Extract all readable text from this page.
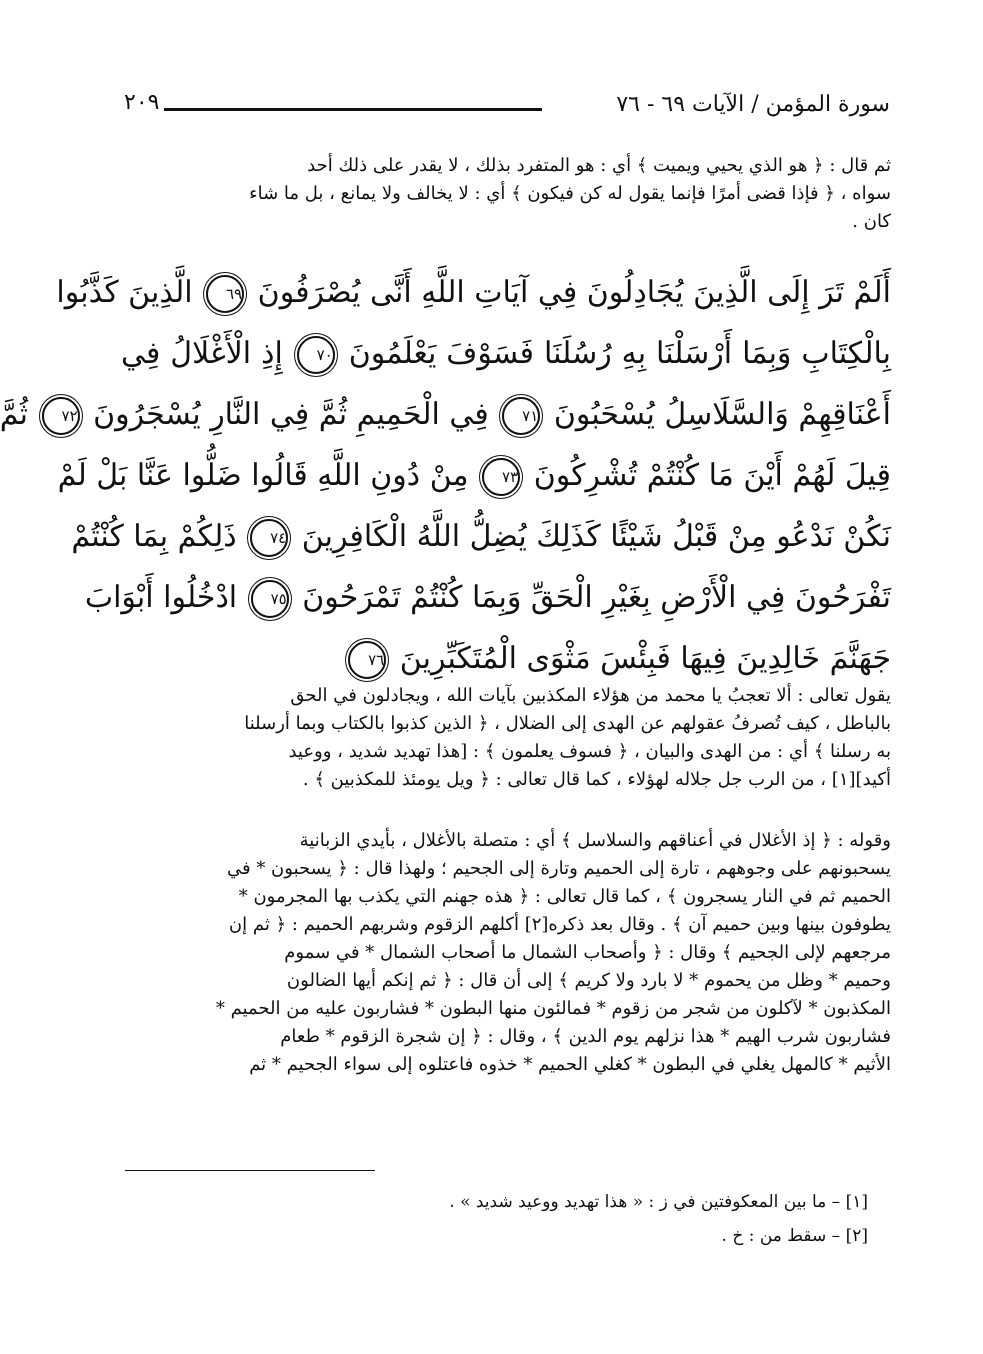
سورة المؤمن / الآيات ٦٩ - ٧٦
٢٠٩
ثم قال : ﴿ هو الذي يحيي ويميت ﴾ أي : هو المتفرد بذلك ، لا يقدر على ذلك أحد
سواه ، ﴿ فإذا قضى أمرًا فإنما يقول له كن فيكون ﴾ أي : لا يخالف ولا يمانع ، بل ما شاء
كان .
أَلَمْ تَرَ إِلَى الَّذِينَ يُجَادِلُونَ فِي آيَاتِ اللَّهِ أَنَّى يُصْرَفُونَ ٦٩ الَّذِينَ كَذَّبُوا
بِالْكِتَابِ وَبِمَا أَرْسَلْنَا بِهِ رُسُلَنَا فَسَوْفَ يَعْلَمُونَ ٧٠ إِذِ الْأَغْلَالُ فِي
أَعْنَاقِهِمْ وَالسَّلَاسِلُ يُسْحَبُونَ ٧١ فِي الْحَمِيمِ ثُمَّ فِي النَّارِ يُسْجَرُونَ ٧٢ ثُمَّ
قِيلَ لَهُمْ أَيْنَ مَا كُنْتُمْ تُشْرِكُونَ ٧٣ مِنْ دُونِ اللَّهِ قَالُوا ضَلُّوا عَنَّا بَلْ لَمْ
نَكُنْ نَدْعُو مِنْ قَبْلُ شَيْئًا كَذَلِكَ يُضِلُّ اللَّهُ الْكَافِرِينَ ٧٤ ذَلِكُمْ بِمَا كُنْتُمْ
تَفْرَحُونَ فِي الْأَرْضِ بِغَيْرِ الْحَقِّ وَبِمَا كُنْتُمْ تَمْرَحُونَ ٧٥ ادْخُلُوا أَبْوَابَ
جَهَنَّمَ خَالِدِينَ فِيهَا فَبِئْسَ مَثْوَى الْمُتَكَبِّرِينَ ٧٦
يقول تعالى : ألا تعجبُ يا محمد من هؤلاء المكذبين بآيات الله ، ويجادلون في الحق
بالباطل ، كيف تُصرفُ عقولهم عن الهدى إلى الضلال ، ﴿ الذين كذبوا بالكتاب وبما أرسلنا
به رسلنا ﴾ أي : من الهدى والبيان ، ﴿ فسوف يعلمون ﴾ : [هذا تهديد شديد ، ووعيد
أكيد][١] ، من الرب جل جلاله لهؤلاء ، كما قال تعالى : ﴿ ويل يومئذ للمكذبين ﴾ .
وقوله : ﴿ إذ الأغلال في أعناقهم والسلاسل ﴾ أي : متصلة بالأغلال ، بأيدي الزبانية
يسحبونهم على وجوههم ، تارة إلى الحميم وتارة إلى الجحيم ؛ ولهذا قال : ﴿ يسحبون * في
الحميم ثم في النار يسجرون ﴾ ، كما قال تعالى : ﴿ هذه جهنم التي يكذب بها المجرمون *
يطوفون بينها وبين حميم آن ﴾ . وقال بعد ذكره[٢] أكلهم الزقوم وشربهم الحميم : ﴿ ثم إن
مرجعهم لإلى الجحيم ﴾ وقال : ﴿ وأصحاب الشمال ما أصحاب الشمال * في سموم
وحميم * وظل من يحموم * لا بارد ولا كريم ﴾ إلى أن قال : ﴿ ثم إنكم أيها الضالون
المكذبون * لآكلون من شجر من زقوم * فمالئون منها البطون * فشاربون عليه من الحميم *
فشاربون شرب الهيم * هذا نزلهم يوم الدين ﴾ ، وقال : ﴿ إن شجرة الزقوم * طعام
الأثيم * كالمهل يغلي في البطون * كغلي الحميم * خذوه فاعتلوه إلى سواء الجحيم * ثم
[١] – ما بين المعكوفتين في ز : « هذا تهديد ووعيد شديد » .
[٢] – سقط من : خ .
